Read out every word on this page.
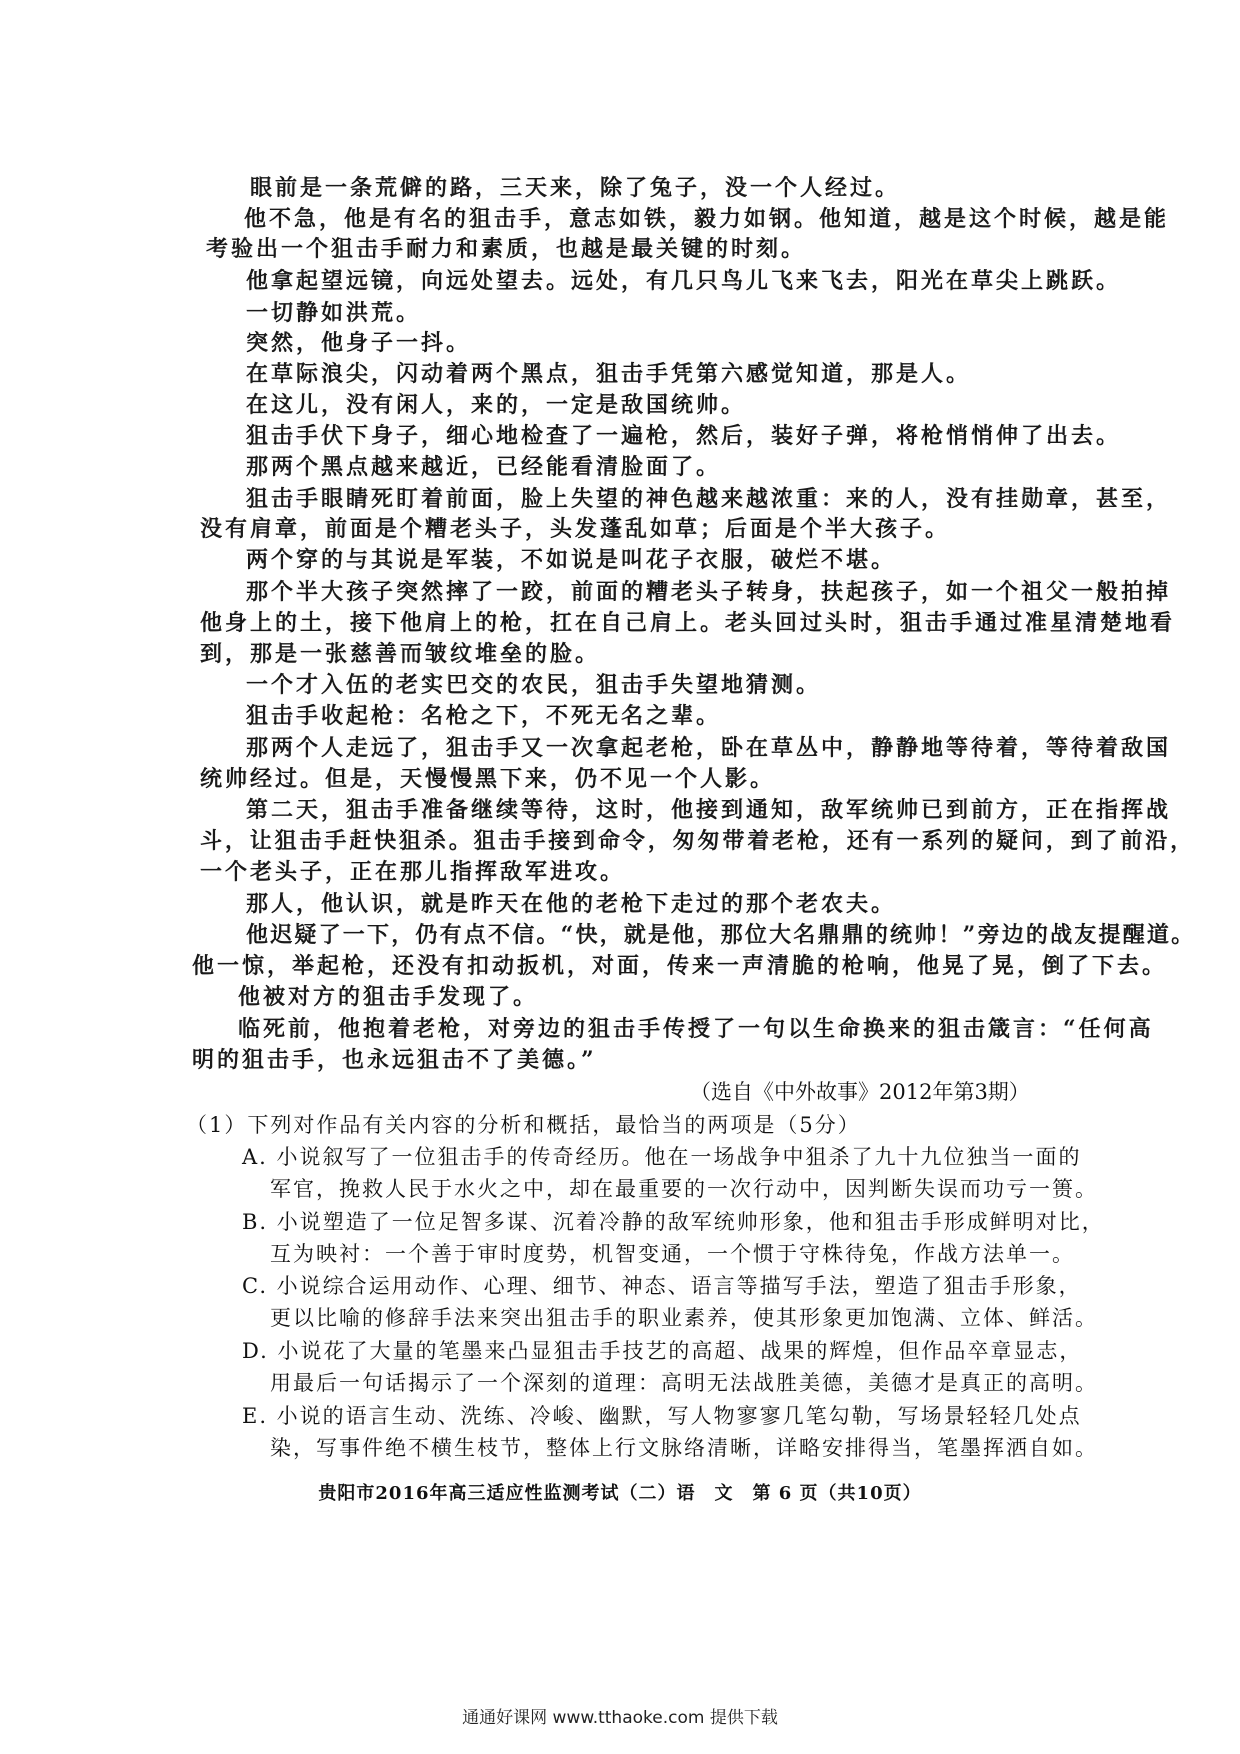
眼前是一条荒僻的路，三天来，除了兔子，没一个人经过。
他不急，他是有名的狙击手，意志如铁，毅力如钢。他知道，越是这个时候，越是能
考验出一个狙击手耐力和素质，也越是最关键的时刻。
他拿起望远镜，向远处望去。远处，有几只鸟儿飞来飞去，阳光在草尖上跳跃。
一切静如洪荒。
突然，他身子一抖。
在草际浪尖，闪动着两个黑点，狙击手凭第六感觉知道，那是人。
在这儿，没有闲人，来的，一定是敌国统帅。
狙击手伏下身子，细心地检查了一遍枪，然后，装好子弹，将枪悄悄伸了出去。
那两个黑点越来越近，已经能看清脸面了。
狙击手眼睛死盯着前面，脸上失望的神色越来越浓重：来的人，没有挂勋章，甚至，
没有肩章，前面是个糟老头子，头发蓬乱如草；后面是个半大孩子。
两个穿的与其说是军装，不如说是叫花子衣服，破烂不堪。
那个半大孩子突然摔了一跤，前面的糟老头子转身，扶起孩子，如一个祖父一般拍掉
他身上的土，接下他肩上的枪，扛在自己肩上。老头回过头时，狙击手通过准星清楚地看
到，那是一张慈善而皱纹堆垒的脸。
一个才入伍的老实巴交的农民，狙击手失望地猜测。
狙击手收起枪：名枪之下，不死无名之辈。
那两个人走远了，狙击手又一次拿起老枪，卧在草丛中，静静地等待着，等待着敌国
统帅经过。但是，天慢慢黑下来，仍不见一个人影。
第二天，狙击手准备继续等待，这时，他接到通知，敌军统帅已到前方，正在指挥战
斗，让狙击手赶快狙杀。狙击手接到命令，匆匆带着老枪，还有一系列的疑问，到了前沿，
一个老头子，正在那儿指挥敌军进攻。
那人，他认识，就是昨天在他的老枪下走过的那个老农夫。
他迟疑了一下，仍有点不信。“快，就是他，那位大名鼎鼎的统帅！”旁边的战友提醒道。
他一惊，举起枪，还没有扣动扳机，对面，传来一声清脆的枪响，他晃了晃，倒了下去。
他被对方的狙击手发现了。
临死前，他抱着老枪，对旁边的狙击手传授了一句以生命换来的狙击箴言：“任何高
明的狙击手，也永远狙击不了美德。”
（选自《中外故事》2012年第3期）
（1）下列对作品有关内容的分析和概括，最恰当的两项是（5分）
A. 小说叙写了一位狙击手的传奇经历。他在一场战争中狙杀了九十九位独当一面的
军官，挽救人民于水火之中，却在最重要的一次行动中，因判断失误而功亏一篑。
B. 小说塑造了一位足智多谋、沉着冷静的敌军统帅形象，他和狙击手形成鲜明对比，
互为映衬：一个善于审时度势，机智变通，一个惯于守株待兔，作战方法单一。
C. 小说综合运用动作、心理、细节、神态、语言等描写手法，塑造了狙击手形象，
更以比喻的修辞手法来突出狙击手的职业素养，使其形象更加饱满、立体、鲜活。
D. 小说花了大量的笔墨来凸显狙击手技艺的高超、战果的辉煌，但作品卒章显志，
用最后一句话揭示了一个深刻的道理：高明无法战胜美德，美德才是真正的高明。
E. 小说的语言生动、洗练、冷峻、幽默，写人物寥寥几笔勾勒，写场景轻轻几处点
染，写事件绝不横生枝节，整体上行文脉络清晰，详略安排得当，笔墨挥洒自如。
贵阳市2016年高三适应性监测考试（二）语　文　第 6 页（共10页）
通通好课网 www.tthaoke.com 提供下载
